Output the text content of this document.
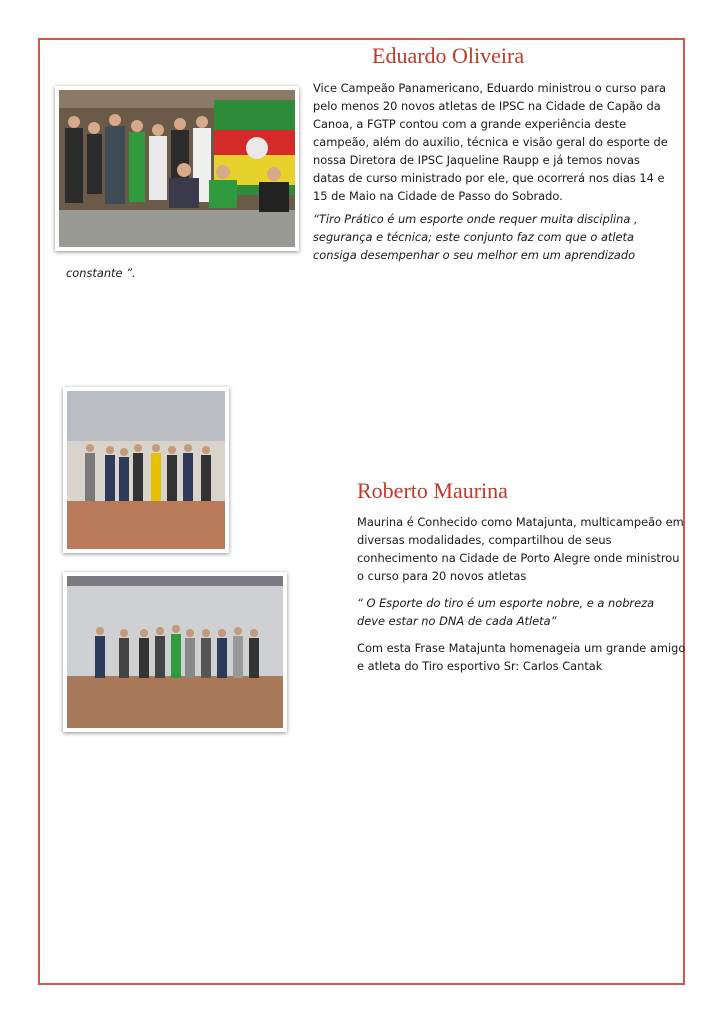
Eduardo Oliveira

Vice Campeão Panamericano, Eduardo ministrou o curso para

pelo menos 20 novos atletas de IPSC na Cidade de Capão da

Canoa, a FGTP contou com a grande experiência deste

campeão, além do auxilio, técnica e visão geral do esporte de

nossa Diretora de IPSC Jaqueline Raupp e já temos novas

datas de curso ministrado por ele, que ocorrerá nos dias 14 e

15 de Maio na Cidade de Passo do Sobrado.

“Tiro Prático é um esporte onde requer muita disciplina ,

segurança e técnica; este conjunto faz com que o atleta

consiga desempenhar o seu melhor em um aprendizado

constante ”.
Roberto Maurina

Maurina é Conhecido como Matajunta, multicampeão em

diversas modalidades, compartilhou de seus

conhecimento na Cidade de Porto Alegre onde ministrou

o curso para 20 novos atletas

“ O Esporte do tiro é um esporte nobre, e a nobreza

deve estar no DNA de cada Atleta”

Com esta Frase Matajunta homenageia um grande amigo

e atleta do Tiro esportivo Sr: Carlos Cantak
